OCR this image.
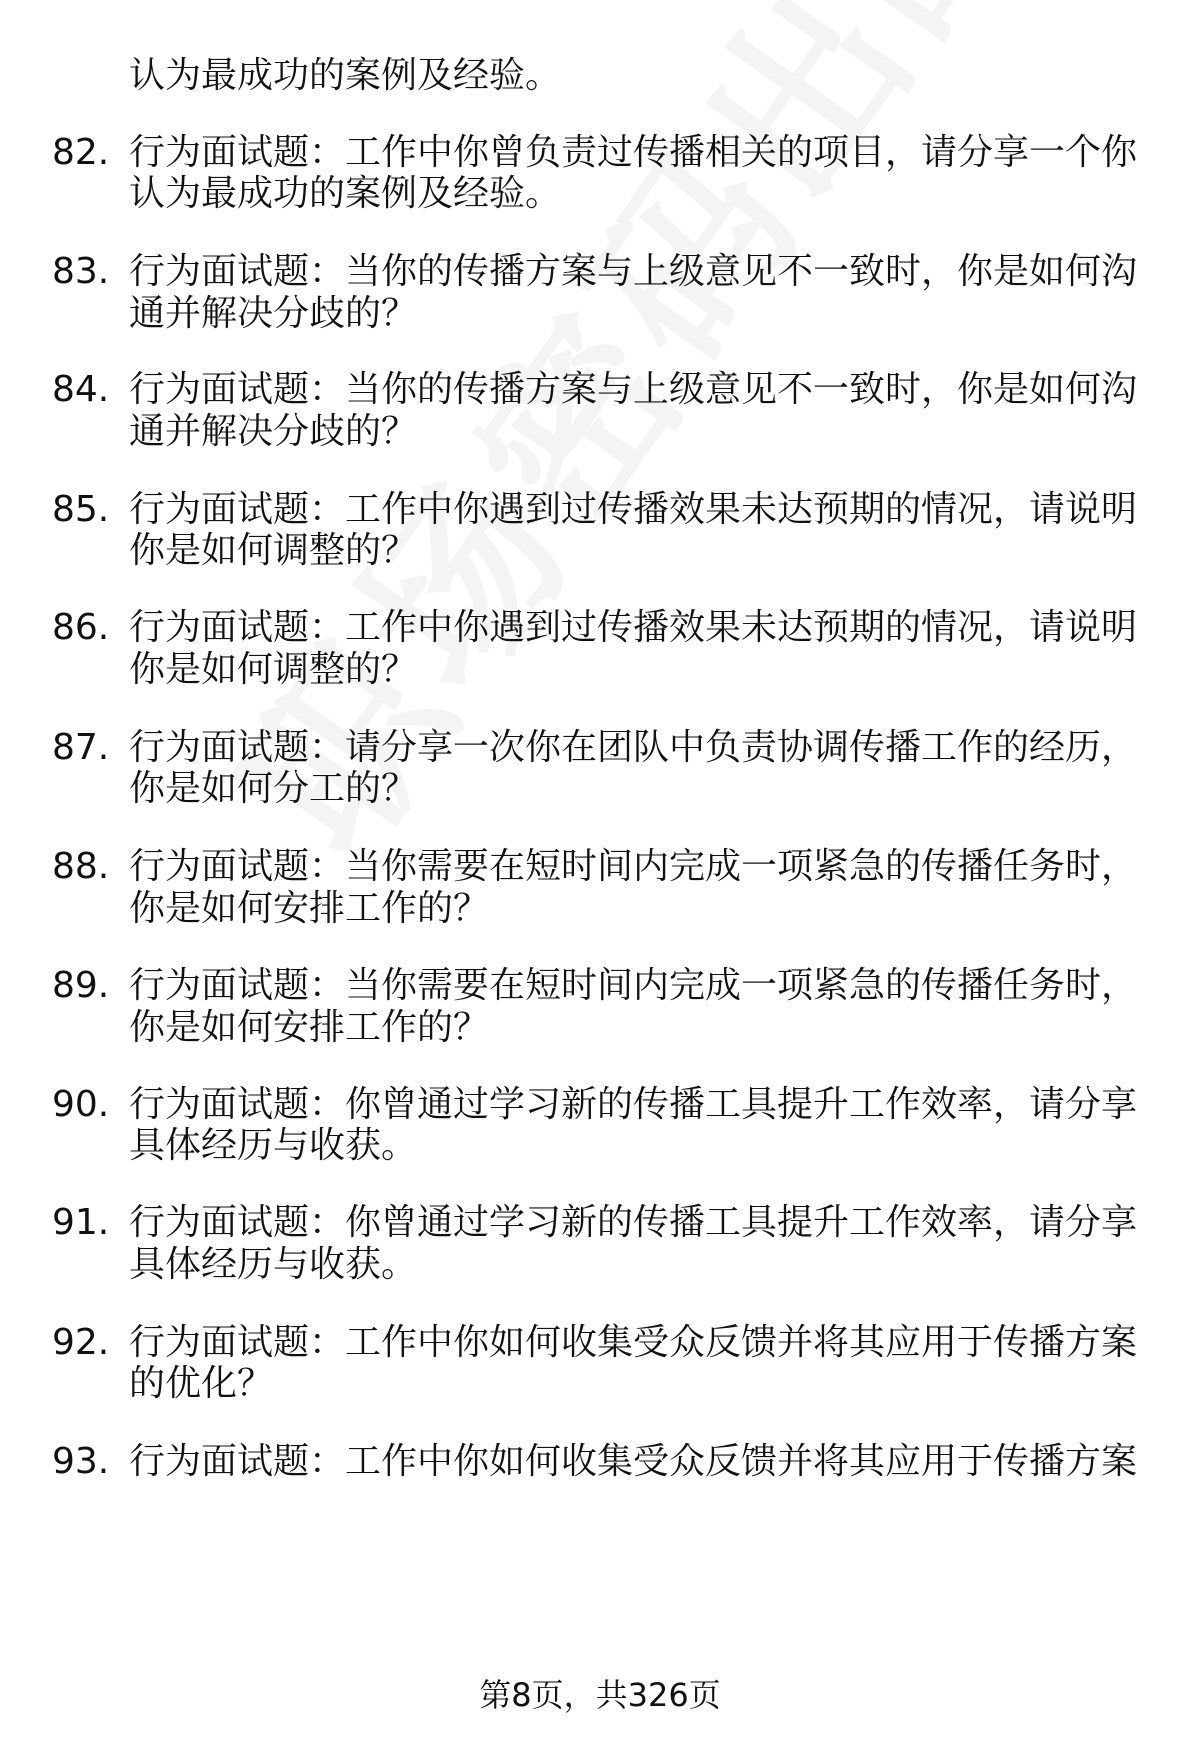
认为最成功的案例及经验。
82. 行为面试题：工作中你曾负责过传播相关的项目，请分享一个你
认为最成功的案例及经验。
83. 行为面试题：当你的传播方案与上级意见不一致时，你是如何沟
通并解决分歧的？
84. 行为面试题：当你的传播方案与上级意见不一致时，你是如何沟
通并解决分歧的？
85. 行为面试题：工作中你遇到过传播效果未达预期的情况，请说明
你是如何调整的？
86. 行为面试题：工作中你遇到过传播效果未达预期的情况，请说明
你是如何调整的？
87. 行为面试题：请分享一次你在团队中负责协调传播工作的经历，
你是如何分工的？
88. 行为面试题：当你需要在短时间内完成一项紧急的传播任务时，
你是如何安排工作的？
89. 行为面试题：当你需要在短时间内完成一项紧急的传播任务时，
你是如何安排工作的？
90. 行为面试题：你曾通过学习新的传播工具提升工作效率，请分享
具体经历与收获。
91. 行为面试题：你曾通过学习新的传播工具提升工作效率，请分享
具体经历与收获。
92. 行为面试题：工作中你如何收集受众反馈并将其应用于传播方案
的优化？
93. 行为面试题：工作中你如何收集受众反馈并将其应用于传播方案
第8页，共326页
